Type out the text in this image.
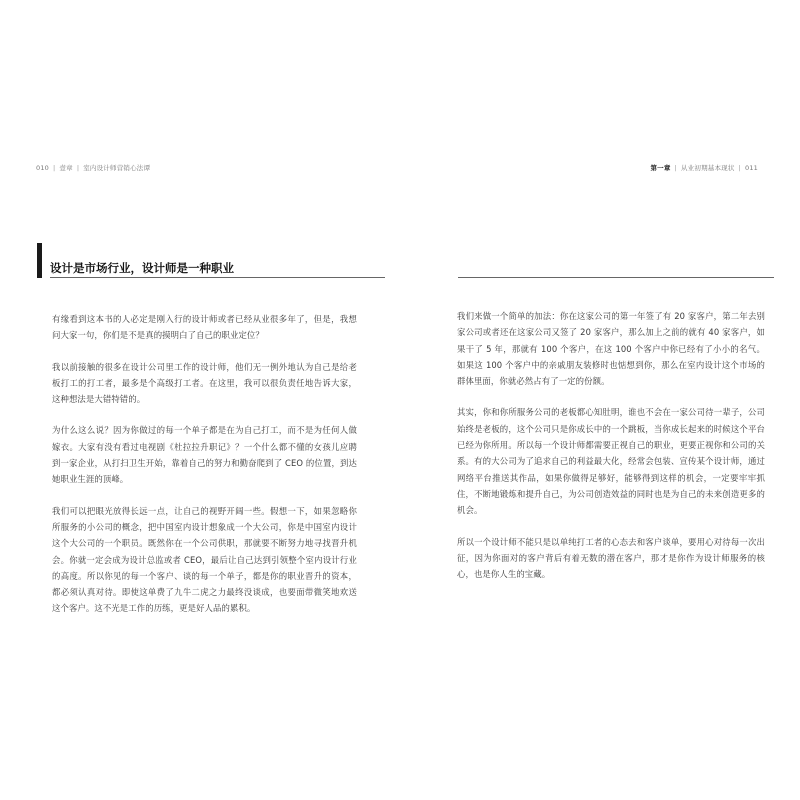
010 | 壹章 | 室内设计师营销心法谭
设计是市场行业，设计师是一种职业

有缘看到这本书的人必定是刚入行的设计师或者已经从业很多年了，但是，我想问大家一句，你们是不是真的摸明白了自己的职业定位？

我以前接触的很多在设计公司里工作的设计师，他们无一例外地认为自己是给老板打工的打工者，最多是个高级打工者。在这里，我可以很负责任地告诉大家，这种想法是大错特错的。

为什么这么说？因为你做过的每一个单子都是在为自己打工，而不是为任何人做嫁衣。大家有没有看过电视剧《杜拉拉升职记》？一个什么都不懂的女孩儿应聘到一家企业，从打扫卫生开始，靠着自己的努力和勤奋爬到了 CEO 的位置，到达她职业生涯的顶峰。

我们可以把眼光放得长远一点，让自己的视野开阔一些。假想一下，如果忽略你所服务的小公司的概念，把中国室内设计想象成一个大公司，你是中国室内设计这个大公司的一个职员。既然你在一个公司供职，那就要不断努力地寻找晋升机会。你就一定会成为设计总监或者 CEO，最后让自己达到引领整个室内设计行业的高度。所以你见的每一个客户、谈的每一个单子，都是你的职业晋升的资本，都必须认真对待。即使这单费了九牛二虎之力最终没谈成，也要面带微笑地欢送这个客户。这不光是工作的历练，更是好人品的累积。

第一章 | 从业初期基本现状 | 011

我们来做一个简单的加法：你在这家公司的第一年签了有 20 家客户，第二年去别家公司或者还在这家公司又签了 20 家客户，那么加上之前的就有 40 家客户，如果干了 5 年，那就有 100 个客户，在这 100 个客户中你已经有了小小的名气。如果这 100 个客户中的亲戚朋友装修时也惦想到你，那么在室内设计这个市场的群体里面，你就必然占有了一定的份额。

其实，你和你所服务公司的老板都心知肚明，谁也不会在一家公司待一辈子，公司始终是老板的，这个公司只是你成长中的一个跳板，当你成长起来的时候这个平台已经为你所用。所以每一个设计师都需要正视自己的职业，更要正视你和公司的关系。有的大公司为了追求自己的利益最大化，经常会包装、宣传某个设计师，通过网络平台推送其作品，如果你做得足够好，能够得到这样的机会，一定要牢牢抓住，不断地锻炼和提升自己，为公司创造效益的同时也是为自己的未来创造更多的机会。

所以一个设计师不能只是以单纯打工者的心态去和客户谈单，要用心对待每一次出征，因为你面对的客户背后有着无数的潜在客户，那才是你作为设计师服务的核心，也是你人生的宝藏。
